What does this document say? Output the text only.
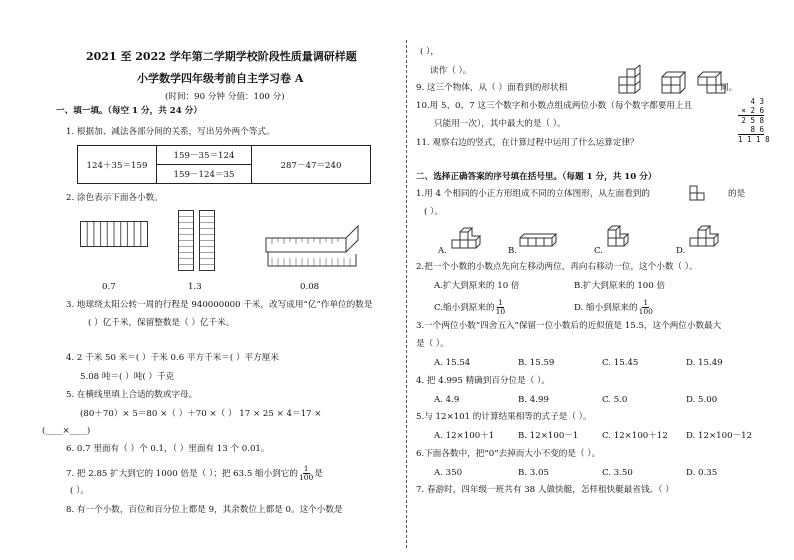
2021 至 2022 学年第二学期学校阶段性质量调研样题
小学数学四年级考前自主学习卷 A
(时间：90 分钟 分值：100 分)
一、填一填。（每空 1 分，共 24 分）
1. 根据加、减法各部分间的关系，写出另外两个等式。
124＋35＝159	159－35＝124	287－47＝240
159－124＝35
2. 涂色表示下面各小数。
0.7	1.3	0.08
3. 地球绕太阳公转一周的行程是 940000000 千米，改写成用“亿”作单位的数是
( ）亿千米，保留整数是（ ）亿千米。
4. 2 千米 50 米＝( ）千米 0.6 平方千米＝( ）平方厘米
5.08 吨＝( ）吨( ）千克
5. 在横线里填上合适的数或字母。
(80＋70）× 5＝80 ×（ ）＋70 ×（ ） 17 × 25 × 4＝17 ×
(____×____)
6. 0.7 里面有（ ）个 0.1，（ ）里面有 13 个 0.01。
7. 把 2.85 扩大到它的 1000 倍是（ ）；把 63.5 缩小到它的 $\frac{1}{100}$ 是
( ）。
8. 有一个小数，百位和百分位上都是 9，其余数位上都是 0。这个小数是
( ），
读作（ ）。
9. 这三个物体，从（ ）面看到的形状相	同。
10.用 5、0、7 这三个数字和小数点组成两位小数（每个数字都要用上且
只能用一次），其中最大的是（ ）。
11. 观察右边的竖式，在计算过程中运用了什么运算定律？
4 3
× 2 6
2 5 8
8 6
1 1 1 8
二、选择正确答案的序号填在括号里。（每题 1 分，共 10 分）
1.用 4 个相同的小正方形组成不同的立体图形，从左面看到的	的是
( ）。
A.	B.	C.	D.
2.把一个小数的小数点先向左移动两位，再向右移动一位，这个小数（ ）。
A.扩大到原来的 10 倍	B.扩大到原来的 100 倍
C.缩小到原来的 $\frac{1}{10}$	D. 缩小到原来的 $\frac{1}{100}$
3.一个两位小数“四舍五入”保留一位小数后的近似值是 15.5，这个两位小数最大
是（ ）。
A. 15.54	B. 15.59	C. 15.45	D. 15.49
4. 把 4.995 精确到百分位是（ ）。
A. 4.9	B. 4.99	C. 5.0	D. 5.00
5.与 12×101 的计算结果相等的式子是（ ）。
A. 12×100＋1	B. 12×100－1	C. 12×100＋12 D. 12×100－12
6.下面各数中，把“0”去掉而大小不变的是（ ）。
A. 350	B. 3.05	C. 3.50	D. 0.35
7. 春游时，四年级一班共有 38 人做快艇，怎样租快艇最省钱。（ ）
